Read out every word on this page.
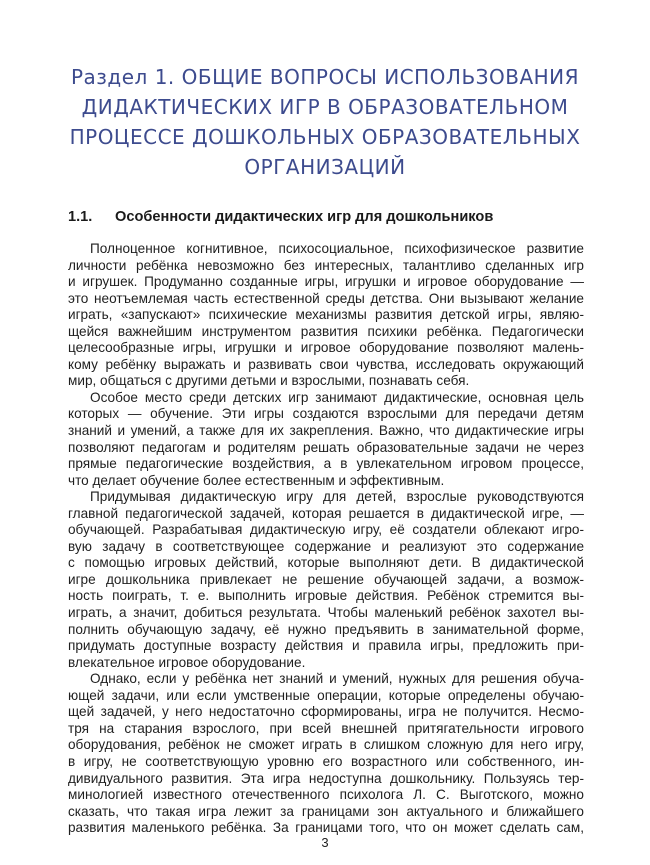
Раздел 1. ОБЩИЕ ВОПРОСЫ ИСПОЛЬЗОВАНИЯ
ДИДАКТИЧЕСКИХ ИГР В ОБРАЗОВАТЕЛЬНОМ
ПРОЦЕССЕ ДОШКОЛЬНЫХ ОБРАЗОВАТЕЛЬНЫХ
ОРГАНИЗАЦИЙ
1.1. Особенности дидактических игр для дошкольников
Полноценное когнитивное, психосоциальное, психофизическое развитие
личности ребёнка невозможно без интересных, талантливо сделанных игр
и игрушек. Продуманно созданные игры, игрушки и игровое оборудование —
это неотъемлемая часть естественной среды детства. Они вызывают желание
играть, «запускают» психические механизмы развития детской игры, являю-
щейся важнейшим инструментом развития психики ребёнка. Педагогически
целесообразные игры, игрушки и игровое оборудование позволяют малень-
кому ребёнку выражать и развивать свои чувства, исследовать окружающий
мир, общаться с другими детьми и взрослыми, познавать себя.
Особое место среди детских игр занимают дидактические, основная цель
которых — обучение. Эти игры создаются взрослыми для передачи детям
знаний и умений, а также для их закрепления. Важно, что дидактические игры
позволяют педагогам и родителям решать образовательные задачи не через
прямые педагогические воздействия, а в увлекательном игровом процессе,
что делает обучение более естественным и эффективным.
Придумывая дидактическую игру для детей, взрослые руководствуются
главной педагогической задачей, которая решается в дидактической игре, —
обучающей. Разрабатывая дидактическую игру, её создатели облекают игро-
вую задачу в соответствующее содержание и реализуют это содержание
с помощью игровых действий, которые выполняют дети. В дидактической
игре дошкольника привлекает не решение обучающей задачи, а возмож-
ность поиграть, т. е. выполнить игровые действия. Ребёнок стремится вы-
играть, а значит, добиться результата. Чтобы маленький ребёнок захотел вы-
полнить обучающую задачу, её нужно предъявить в занимательной форме,
придумать доступные возрасту действия и правила игры, предложить при-
влекательное игровое оборудование.
Однако, если у ребёнка нет знаний и умений, нужных для решения обуча-
ющей задачи, или если умственные операции, которые определены обучаю-
щей задачей, у него недостаточно сформированы, игра не получится. Несмо-
тря на старания взрослого, при всей внешней притягательности игрового
оборудования, ребёнок не сможет играть в слишком сложную для него игру,
в игру, не соответствующую уровню его возрастного или собственного, ин-
дивидуального развития. Эта игра недоступна дошкольнику. Пользуясь тер-
минологией известного отечественного психолога Л. С. Выготского, можно
сказать, что такая игра лежит за границами зон актуального и ближайшего
развития маленького ребёнка. За границами того, что он может сделать сам,
3
